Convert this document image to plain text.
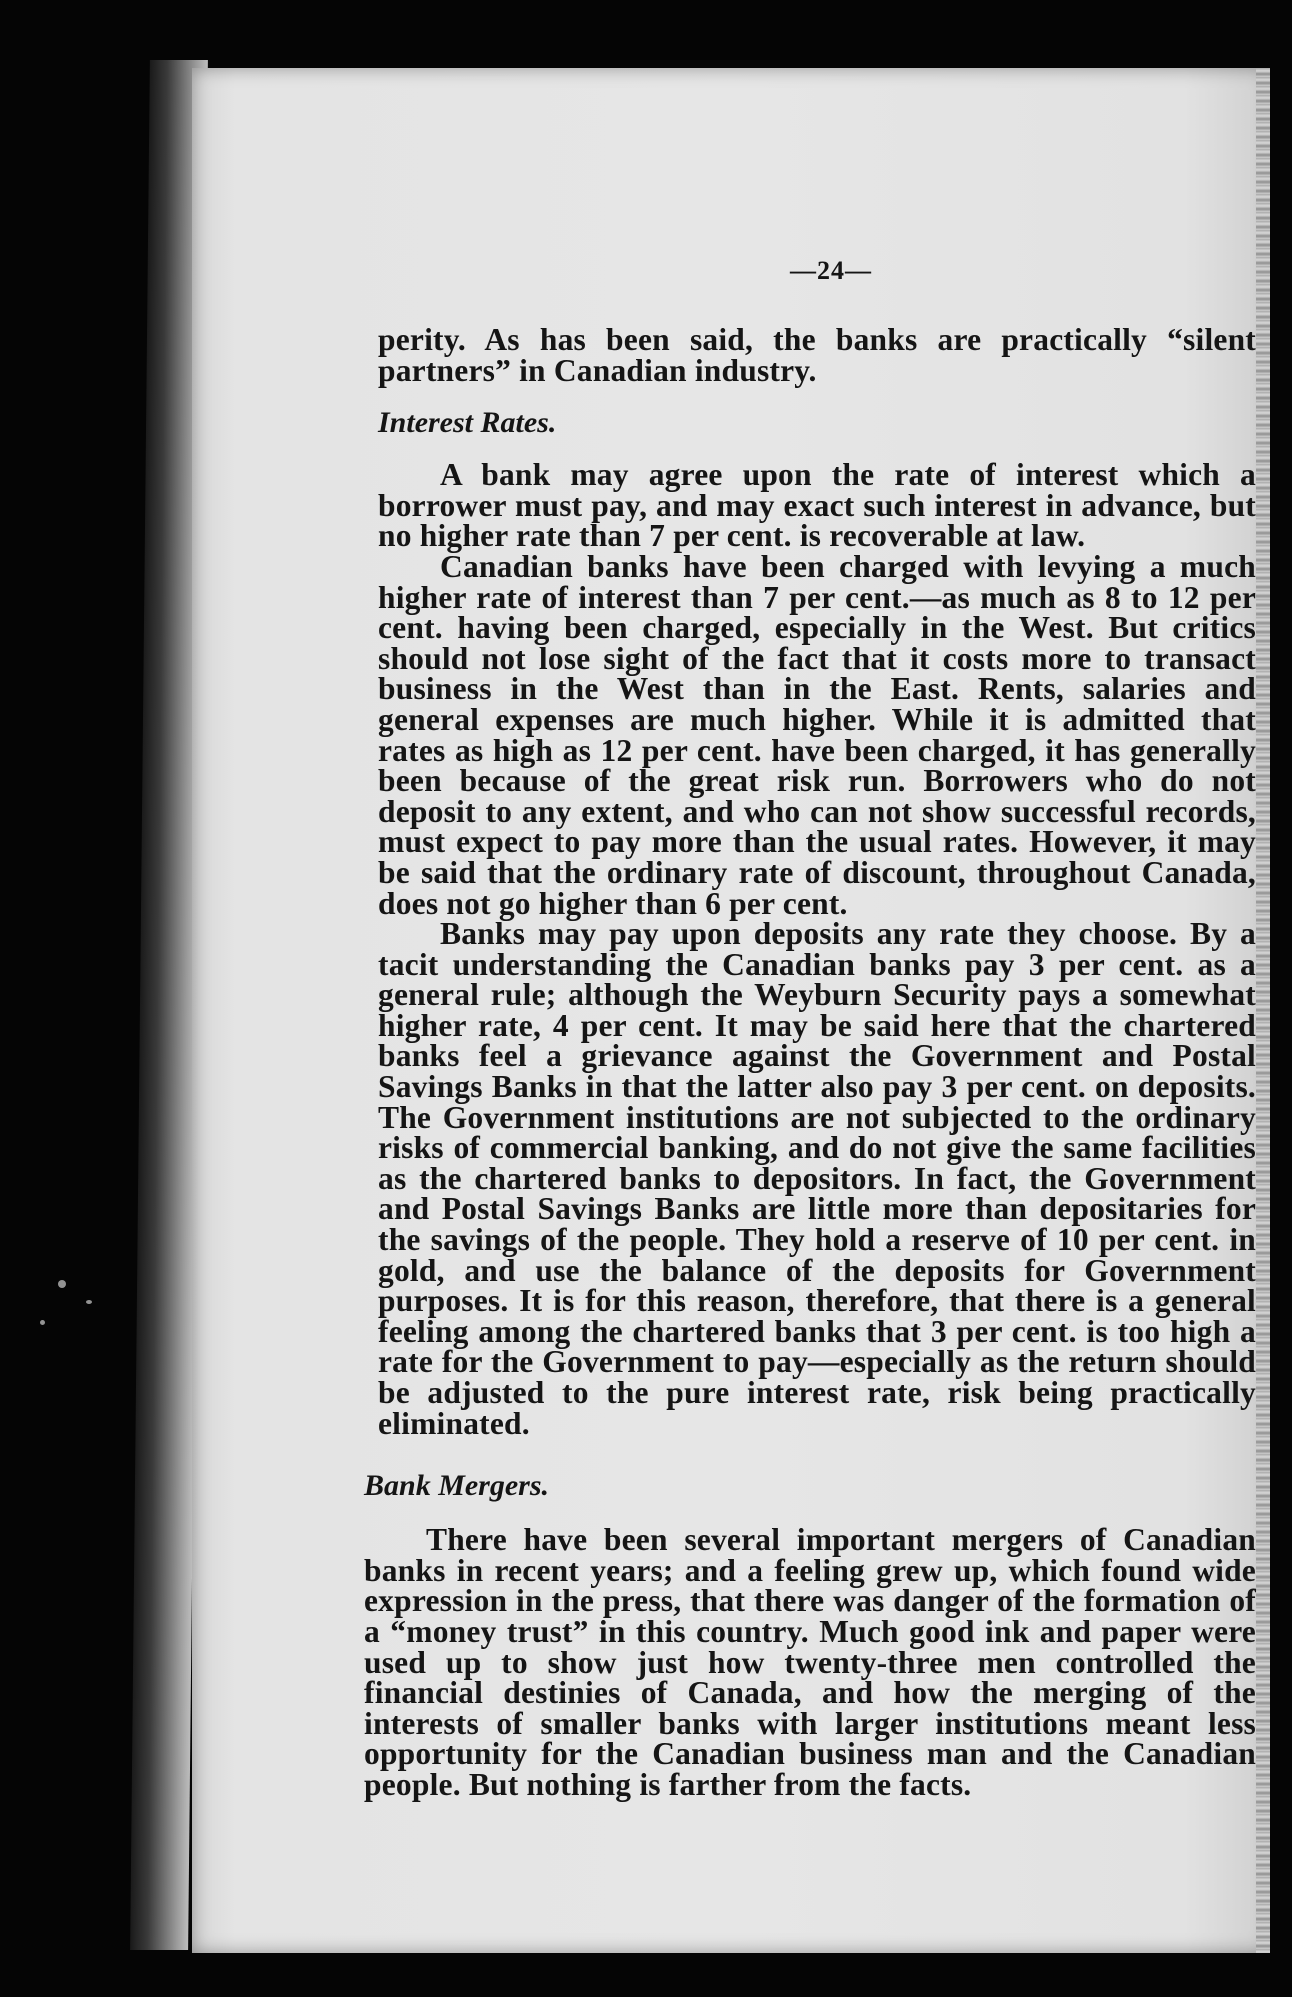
—24—

perity. As has been said, the banks are practically “silent partners” in Canadian industry.

Interest Rates.

A bank may agree upon the rate of interest which a borrower must pay, and may exact such interest in advance, but no higher rate than 7 per cent. is recoverable at law.

Canadian banks have been charged with levying a much higher rate of interest than 7 per cent.—as much as 8 to 12 per cent. having been charged, especially in the West. But critics should not lose sight of the fact that it costs more to transact business in the West than in the East. Rents, salaries and general expenses are much higher. While it is admitted that rates as high as 12 per cent. have been charged, it has generally been because of the great risk run. Borrowers who do not deposit to any extent, and who can not show successful records, must expect to pay more than the usual rates. However, it may be said that the ordinary rate of discount, throughout Canada, does not go higher than 6 per cent.

Banks may pay upon deposits any rate they choose. By a tacit understanding the Canadian banks pay 3 per cent. as a general rule; although the Weyburn Security pays a somewhat higher rate, 4 per cent. It may be said here that the chartered banks feel a grievance against the Government and Postal Savings Banks in that the latter also pay 3 per cent. on deposits. The Government institutions are not subjected to the ordinary risks of commercial banking, and do not give the same facilities as the chartered banks to depositors. In fact, the Government and Postal Savings Banks are little more than depositaries for the savings of the people. They hold a reserve of 10 per cent. in gold, and use the balance of the deposits for Government purposes. It is for this reason, therefore, that there is a general feeling among the chartered banks that 3 per cent. is too high a rate for the Government to pay—especially as the return should be adjusted to the pure interest rate, risk being practically eliminated.

Bank Mergers.

There have been several important mergers of Canadian banks in recent years; and a feeling grew up, which found wide expression in the press, that there was danger of the formation of a “money trust” in this country. Much good ink and paper were used up to show just how twenty-three men controlled the financial destinies of Canada, and how the merging of the interests of smaller banks with larger institutions meant less opportunity for the Canadian business man and the Canadian people. But nothing is farther from the facts.
